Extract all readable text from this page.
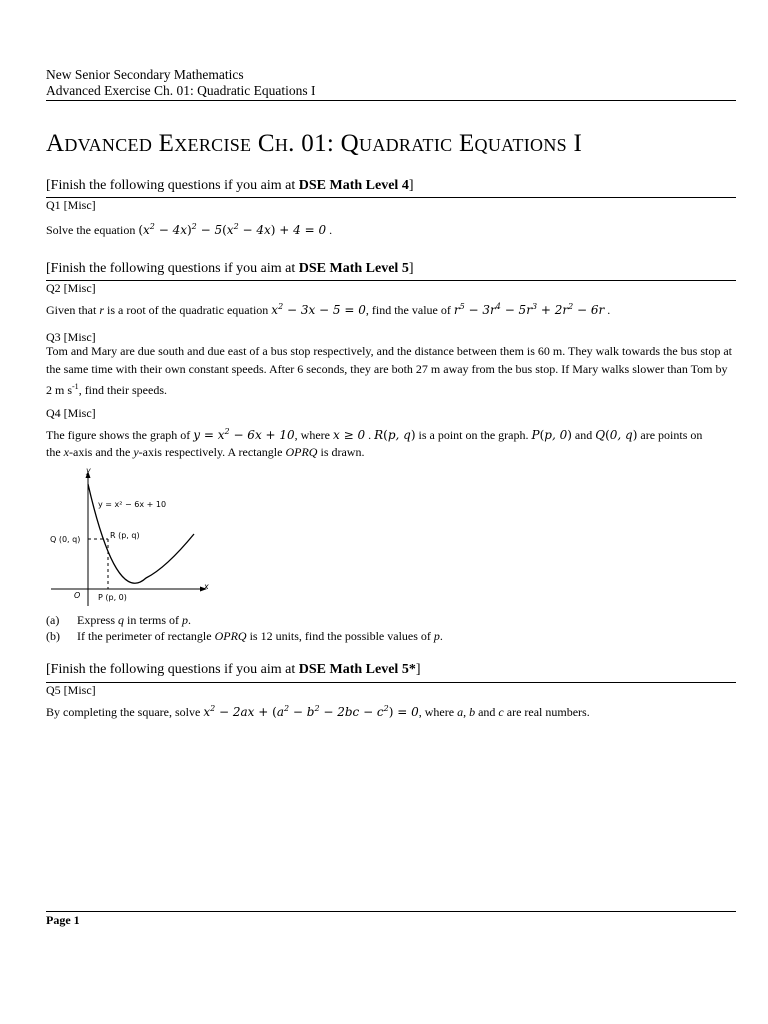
New Senior Secondary Mathematics
Advanced Exercise Ch. 01: Quadratic Equations I
Advanced Exercise Ch. 01: Quadratic Equations I
[Finish the following questions if you aim at DSE Math Level 4]
Q1 [Misc]
Solve the equation $(x^2 - 4x)^2 - 5(x^2 - 4x) + 4 = 0$ .
[Finish the following questions if you aim at DSE Math Level 5]
Q2 [Misc]
Given that r is a root of the quadratic equation $x^2 - 3x - 5 = 0$, find the value of $r^5 - 3r^4 - 5r^3 + 2r^2 - 6r$ .
Q3 [Misc]
Tom and Mary are due south and due east of a bus stop respectively, and the distance between them is 60 m. They walk towards the bus stop at the same time with their own constant speeds. After 6 seconds, they are both 27 m away from the bus stop. If Mary walks slower than Tom by 2 m $s^{-1}$, find their speeds.
Q4 [Misc]
The figure shows the graph of $y = x^2 - 6x + 10$, where x ≥ 0 . R(p, q) is a point on the graph. P(p, 0) and Q(0, q) are points on
the x-axis and the y-axis respectively. A rectangle OPRQ is drawn.
y
x
O
Q (0, q)	R (p, q)
P (p, 0)
y = x² − 6x + 10
(a) Express q in terms of p.
(b) If the perimeter of rectangle OPRQ is 12 units, find the possible values of p.
[Finish the following questions if you aim at DSE Math Level 5*]
Q5 [Misc]
By completing the square, solve $x^2 - 2ax + (a^2 - b^2 - 2bc - c^2) = 0$, where a, b and c are real numbers.
Page 1
